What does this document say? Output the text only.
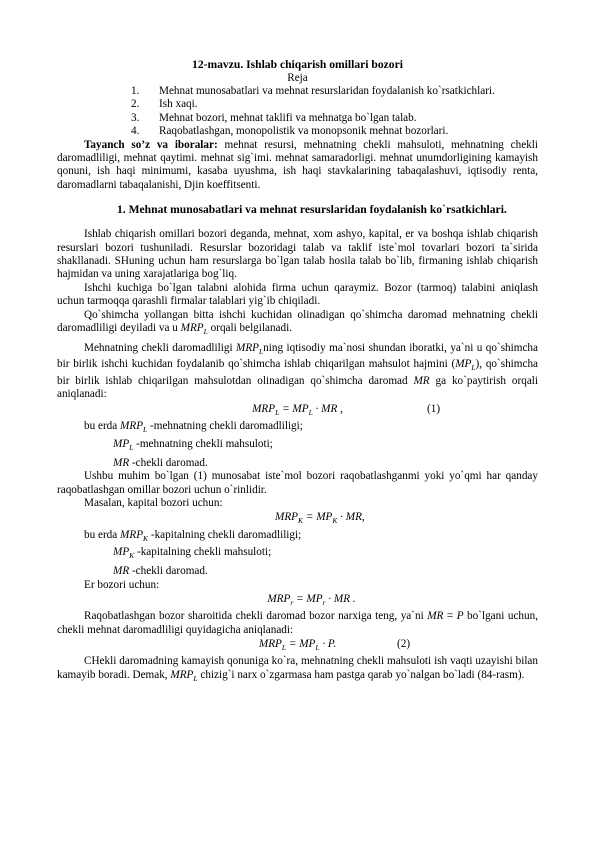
12-mavzu. Ishlab chiqarish omillari bozori
Reja
1. Mehnat munosabatlari va mehnat resurslaridan foydalanish ko`rsatkichlari.
2. Ish xaqi.
3. Mehnat bozori, mehnat taklifi va mehnatga bo`lgan talab.
4. Raqobatlashgan, monopolistik va monopsonik mehnat bozorlari.

Tayanch so’z va iboralar: mehnat resursi, mehnatning chekli mahsuloti, mehnatning chekli daromadliligi, mehnat qaytimi. mehnat sig`imi. mehnat samaradorligi. mehnat unumdorligining kamayish qonuni, ish haqi minimumi, kasaba uyushma, ish haqi stavkalarining tabaqalashuvi, iqtisodiy renta, daromadlarni tabaqalanishi, Djin koeffitsenti.

1. Mehnat munosabatlari va mehnat resurslaridan foydalanish ko`rsatkichlari.

Ishlab chiqarish omillari bozori deganda, mehnat, xom ashyo, kapital, er va boshqa ishlab chiqarish resurslari bozori tushuniladi. Resurslar bozoridagi talab va taklif iste`mol tovarlari bozori ta`sirida shakllanadi. SHuning uchun ham resurslarga bo`lgan talab hosila talab bo`lib, firmaning ishlab chiqarish hajmidan va uning xarajatlariga bog`liq.

Ishchi kuchiga bo`lgan talabni alohida firma uchun qaraymiz. Bozor (tarmoq) talabini aniqlash uchun tarmoqqa qarashli firmalar talablari yig`ib chiqiladi.

Qo`shimcha yollangan bitta ishchi kuchidan olinadigan qo`shimcha daromad mehnatning chekli daromadliligi deyiladi va u $MRP_L$ orqali belgilanadi.

Mehnatning chekli daromadliligi $MRP_Lning$ iqtisodiy ma`nosi shundan iboratki, ya`ni u qo`shimcha bir birlik ishchi kuchidan foydalanib qo`shimcha ishlab chiqarilgan mahsulot hajmini $(MP_L)$, qo`shimcha bir birlik ishlab chiqarilgan mahsulotdan olinadigan qo`shimcha daromad MR ga ko`paytirish orqali aniqlanadi:

$MRP_L = MP_L$ · MR ,	(1)

bu erda $MRP_L$ -mehnatning chekli daromadliligi;

$MP_L$ -mehnatning chekli mahsuloti;

MR -chekli daromad.

Ushbu muhim bo`lgan (1) munosabat iste`mol bozori raqobatlashganmi yoki yo`qmi har qanday raqobatlashgan omillar bozori uchun o`rinlidir.

Masalan, kapital bozori uchun:

$MRP_K = MP_K$ · MR,

bu erda $MRP_K$ -kapitalning chekli daromadliligi;

$MP_K$ -kapitalning chekli mahsuloti;

MR -chekli daromad.

Er bozori uchun:

$MRP_r = MP_r$ · MR .

Raqobatlashgan bozor sharoitida chekli daromad bozor narxiga teng, ya`ni MR = P bo`lgani uchun, chekli mehnat daromadliligi quyidagicha aniqlanadi:

$MRP_L = MP_L \cdot P$.	(2)

CHekli daromadning kamayish qonuniga ko`ra, mehnatning chekli mahsuloti ish vaqti uzayishi bilan kamayib boradi. Demak, $MRP_L$ chizig`i narx o`zgarmasa ham pastga qarab yo`nalgan bo`ladi (84-rasm).
